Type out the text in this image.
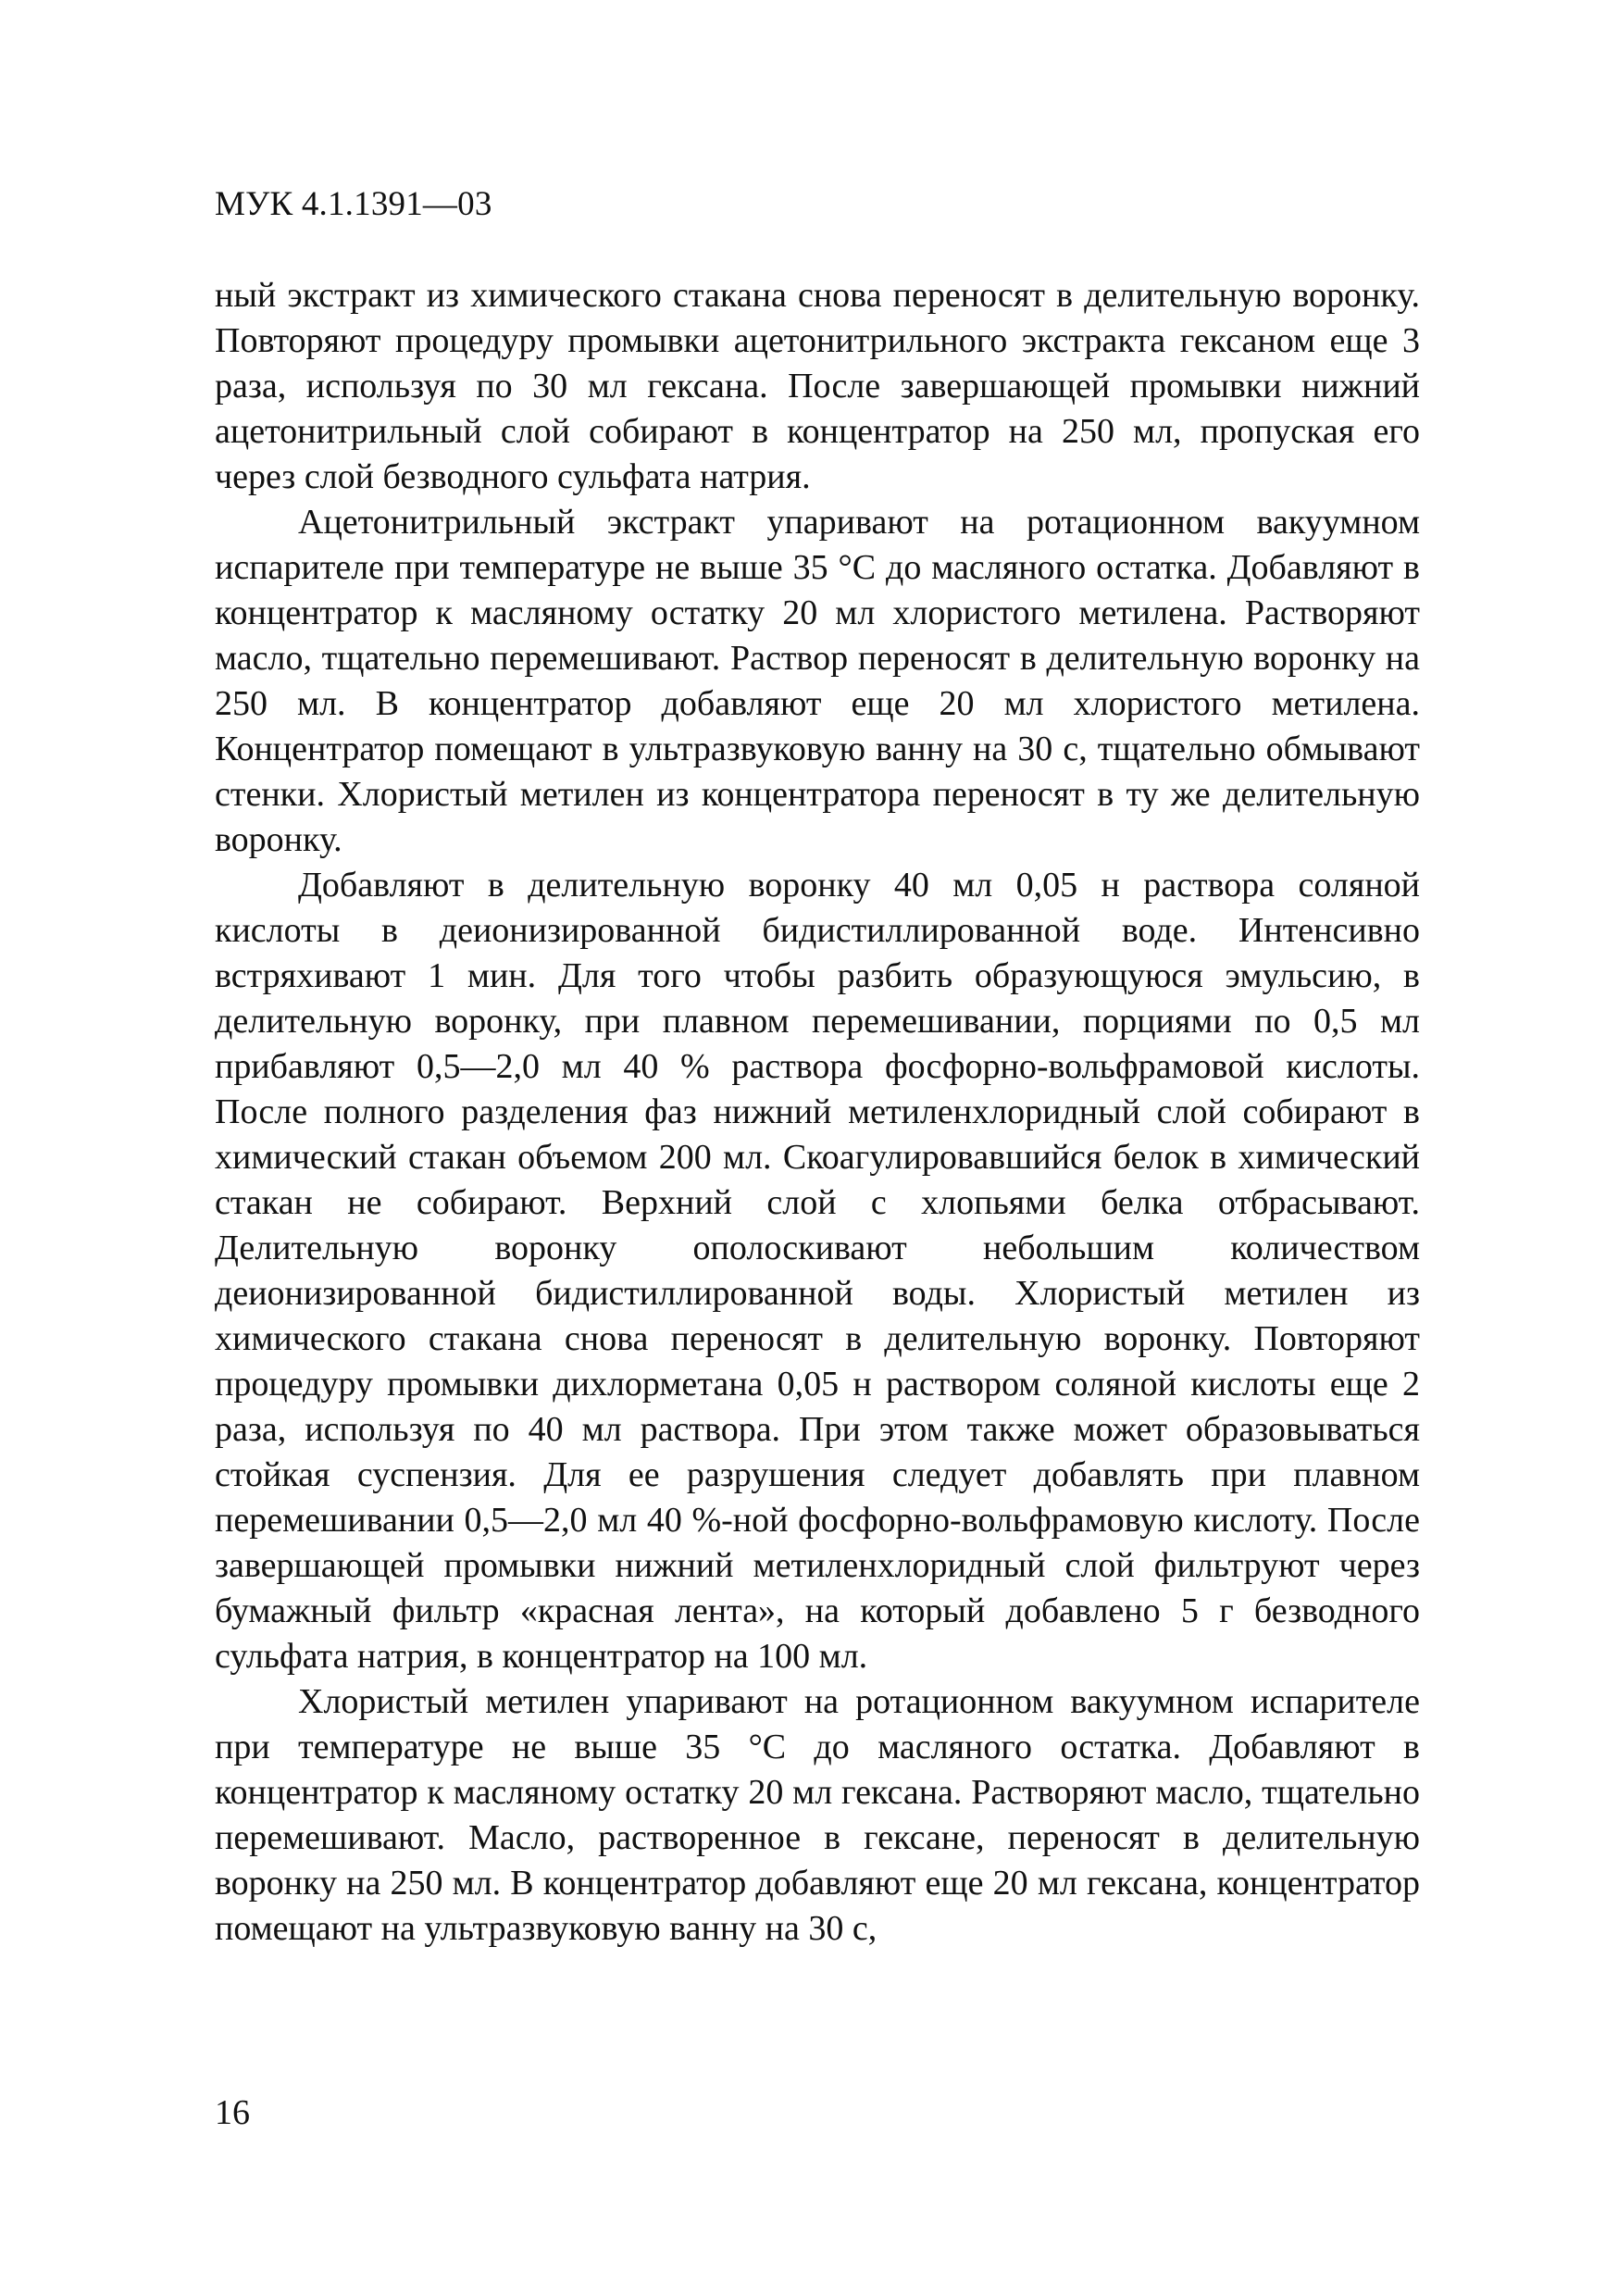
МУК 4.1.1391—03

ный экстракт из химического стакана снова переносят в делительную воронку. Повторяют процедуру промывки ацетонитрильного экстракта гексаном еще 3 раза, используя по 30 мл гексана. После завершающей промывки нижний ацетонитрильный слой собирают в концентратор на 250 мл, пропуская его через слой безводного сульфата натрия.

Ацетонитрильный экстракт упаривают на ротационном вакуумном испарителе при температуре не выше 35 °С до масляного остатка. Добавляют в концентратор к масляному остатку 20 мл хлористого метилена. Растворяют масло, тщательно перемешивают. Раствор переносят в делительную воронку на 250 мл. В концентратор добавляют еще 20 мл хлористого метилена. Концентратор помещают в ультразвуковую ванну на 30 с, тщательно обмывают стенки. Хлористый метилен из концентратора переносят в ту же делительную воронку.

Добавляют в делительную воронку 40 мл 0,05 н раствора соляной кислоты в деионизированной бидистиллированной воде. Интенсивно встряхивают 1 мин. Для того чтобы разбить образующуюся эмульсию, в делительную воронку, при плавном перемешивании, порциями по 0,5 мл прибавляют 0,5—2,0 мл 40 % раствора фосфорно-вольфрамовой кислоты. После полного разделения фаз нижний метиленхлоридный слой собирают в химический стакан объемом 200 мл. Скоагулировавшийся белок в химический стакан не собирают. Верхний слой с хлопьями белка отбрасывают. Делительную воронку ополоскивают небольшим количеством деионизированной бидистиллированной воды. Хлористый метилен из химического стакана снова переносят в делительную воронку. Повторяют процедуру промывки дихлорметана 0,05 н раствором соляной кислоты еще 2 раза, используя по 40 мл раствора. При этом также может образовываться стойкая суспензия. Для ее разрушения следует добавлять при плавном перемешивании 0,5—2,0 мл 40 %-ной фосфорно-вольфрамовую кислоту. После завершающей промывки нижний метиленхлоридный слой фильтруют через бумажный фильтр «красная лента», на который добавлено 5 г безводного сульфата натрия, в концентратор на 100 мл.

Хлористый метилен упаривают на ротационном вакуумном испарителе при температуре не выше 35 °С до масляного остатка. Добавляют в концентратор к масляному остатку 20 мл гексана. Растворяют масло, тщательно перемешивают. Масло, растворенное в гексане, переносят в делительную воронку на 250 мл. В концентратор добавляют еще 20 мл гексана, концентратор помещают на ультразвуковую ванну на 30 с,

16
